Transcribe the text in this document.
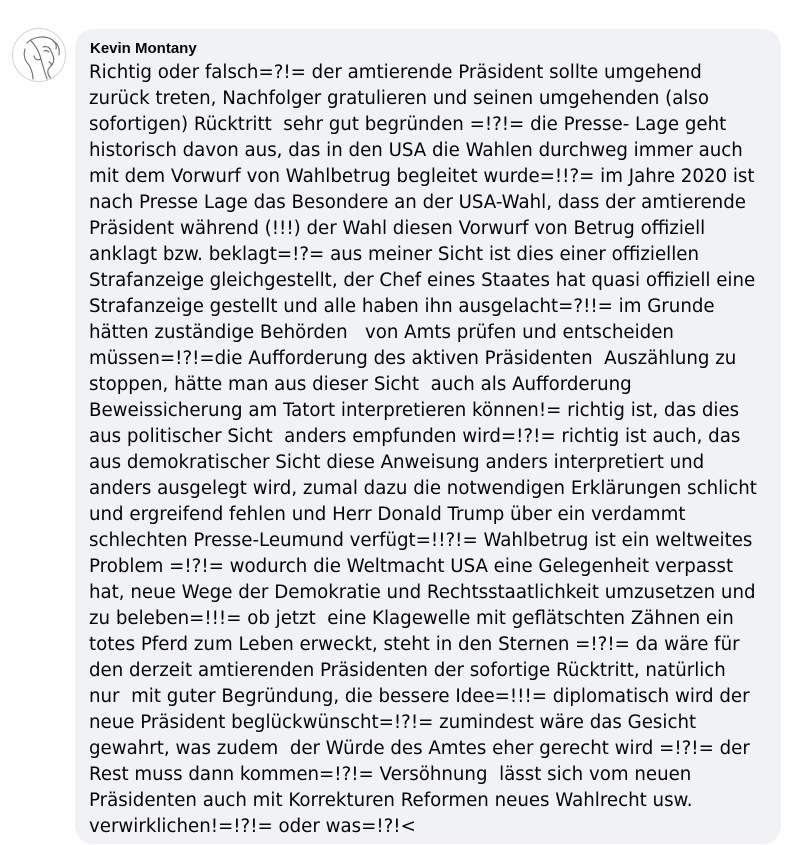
Kevin Montany
Richtig oder falsch=?!= der amtierende Präsident sollte umgehend
zurück treten, Nachfolger gratulieren und seinen umgehenden (also
sofortigen) Rücktritt  sehr gut begründen =!?!= die Presse- Lage geht
historisch davon aus, das in den USA die Wahlen durchweg immer auch
mit dem Vorwurf von Wahlbetrug begleitet wurde=!!?= im Jahre 2020 ist
nach Presse Lage das Besondere an der USA-Wahl, dass der amtierende
Präsident während (!!!) der Wahl diesen Vorwurf von Betrug offiziell
anklagt bzw. beklagt=!?= aus meiner Sicht ist dies einer offiziellen
Strafanzeige gleichgestellt, der Chef eines Staates hat quasi offiziell eine
Strafanzeige gestellt und alle haben ihn ausgelacht=?!!= im Grunde
hätten zuständige Behörden   von Amts prüfen und entscheiden
müssen=!?!=die Aufforderung des aktiven Präsidenten  Auszählung zu
stoppen, hätte man aus dieser Sicht  auch als Aufforderung
Beweissicherung am Tatort interpretieren können!= richtig ist, das dies
aus politischer Sicht  anders empfunden wird=!?!= richtig ist auch, das
aus demokratischer Sicht diese Anweisung anders interpretiert und
anders ausgelegt wird, zumal dazu die notwendigen Erklärungen schlicht
und ergreifend fehlen und Herr Donald Trump über ein verdammt
schlechten Presse-Leumund verfügt=!!?!= Wahlbetrug ist ein weltweites
Problem =!?!= wodurch die Weltmacht USA eine Gelegenheit verpasst
hat, neue Wege der Demokratie und Rechtsstaatlichkeit umzusetzen und
zu beleben=!!!= ob jetzt  eine Klagewelle mit geflätschten Zähnen ein
totes Pferd zum Leben erweckt, steht in den Sternen =!?!= da wäre für
den derzeit amtierenden Präsidenten der sofortige Rücktritt, natürlich
nur  mit guter Begründung, die bessere Idee=!!!= diplomatisch wird der
neue Präsident beglückwünscht=!?!= zumindest wäre das Gesicht
gewahrt, was zudem  der Würde des Amtes eher gerecht wird =!?!= der
Rest muss dann kommen=!?!= Versöhnung  lässt sich vom neuen
Präsidenten auch mit Korrekturen Reformen neues Wahlrecht usw.
verwirklichen!=!?!= oder was=!?!<
